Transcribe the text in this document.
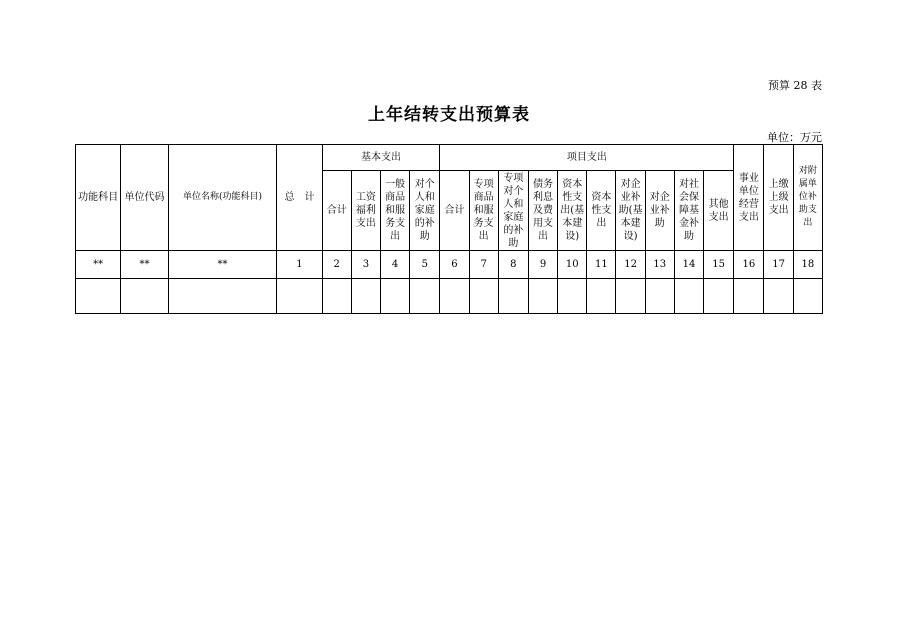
预算 28 表
上年结转支出预算表
单位：万元
功能科目	单位代码	单位名称(功能科目)	总　计	基本支出				项目支出										事业单位经营支出	上缴上级支出	对附属单位补助支出

				合计	工资福利支出	一般商品和服务支出	对个人和家庭的补助	合计	专项商品和服务支出	专项对个人和家庭的补助	债务利息及费用支出	资本性支出(基本建设)	资本性支出	对企业补助(基本建设)	对企业补助	对社会保障基金补助	其他支出			

**	**	**	1	2	3	4	5	6	7	8	9	10	11	12	13	14	15	16	17	18
